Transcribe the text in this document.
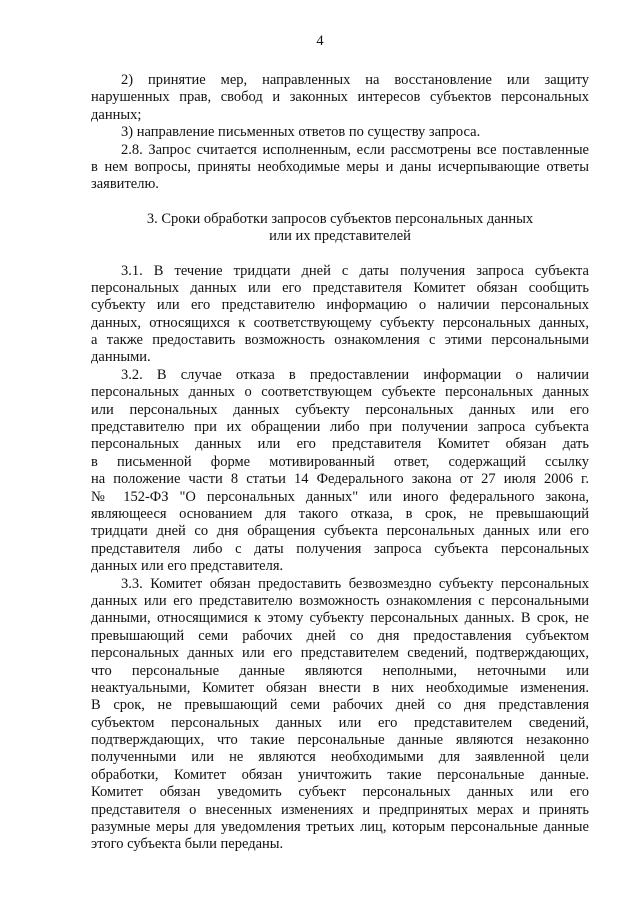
4
2) принятие мер, направленных на восстановление или защиту
нарушенных прав, свобод и законных интересов субъектов персональных
данных;
3) направление письменных ответов по существу запроса.
2.8. Запрос считается исполненным, если рассмотрены все поставленные
в нем вопросы, приняты необходимые меры и даны исчерпывающие ответы
заявителю.
3. Сроки обработки запросов субъектов персональных данных
или их представителей
3.1. В течение тридцати дней с даты получения запроса субъекта
персональных данных или его представителя Комитет обязан сообщить
субъекту или его представителю информацию о наличии персональных
данных, относящихся к соответствующему субъекту персональных данных,
а также предоставить возможность ознакомления с этими персональными
данными.
3.2. В случае отказа в предоставлении информации о наличии
персональных данных о соответствующем субъекте персональных данных
или персональных данных субъекту персональных данных или его
представителю при их обращении либо при получении запроса субъекта
персональных данных или его представителя Комитет обязан дать
в письменной форме мотивированный ответ, содержащий ссылку
на положение части 8 статьи 14 Федерального закона от 27 июля 2006 г.
№ 152-ФЗ "О персональных данных" или иного федерального закона,
являющееся основанием для такого отказа, в срок, не превышающий
тридцати дней со дня обращения субъекта персональных данных или его
представителя либо с даты получения запроса субъекта персональных
данных или его представителя.
3.3. Комитет обязан предоставить безвозмездно субъекту персональных
данных или его представителю возможность ознакомления с персональными
данными, относящимися к этому субъекту персональных данных. В срок, не
превышающий семи рабочих дней со дня предоставления субъектом
персональных данных или его представителем сведений, подтверждающих,
что персональные данные являются неполными, неточными или
неактуальными, Комитет обязан внести в них необходимые изменения.
В срок, не превышающий семи рабочих дней со дня представления
субъектом персональных данных или его представителем сведений,
подтверждающих, что такие персональные данные являются незаконно
полученными или не являются необходимыми для заявленной цели
обработки, Комитет обязан уничтожить такие персональные данные.
Комитет обязан уведомить субъект персональных данных или его
представителя о внесенных изменениях и предпринятых мерах и принять
разумные меры для уведомления третьих лиц, которым персональные данные
этого субъекта были переданы.
